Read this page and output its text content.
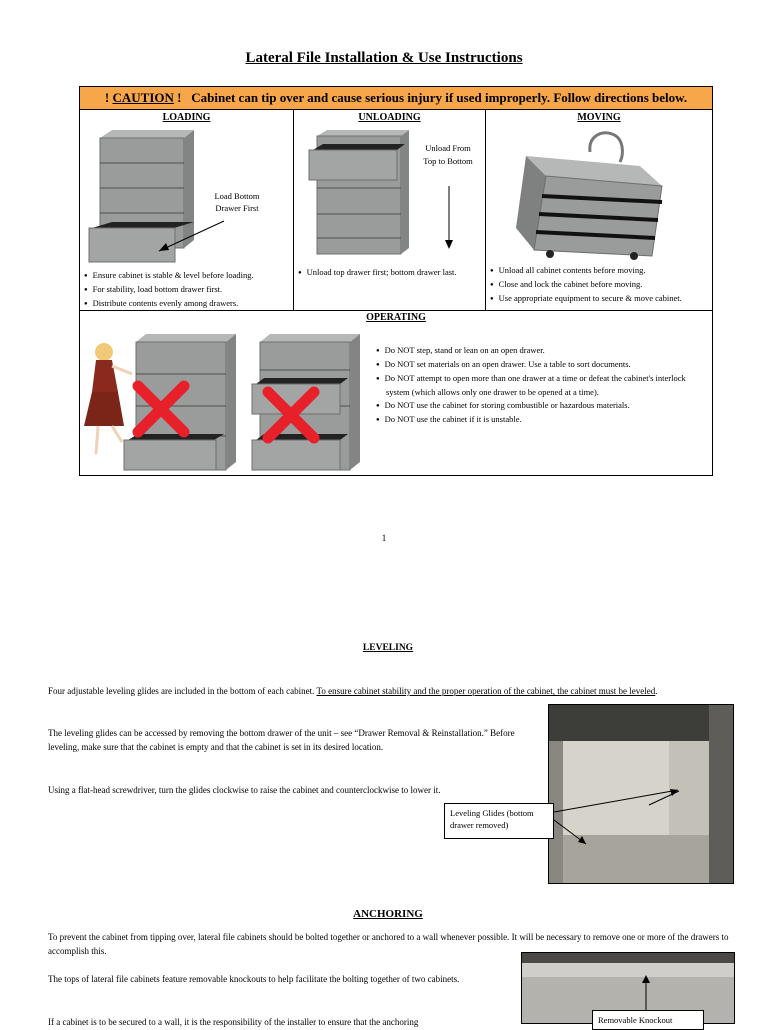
Lateral File Installation & Use Instructions
! CAUTION ! Cabinet can tip over and cause serious injury if used improperly. Follow directions below.
LOADING	UNLOADING	MOVING
Load Bottom Drawer First
● Ensure cabinet is stable & level before loading.
● For stability, load bottom drawer first.
● Distribute contents evenly among drawers.
Unload From Top to Bottom
● Unload top drawer first; bottom drawer last.
●	Unload all cabinet contents before moving.
● Close and lock the cabinet before moving.
● Use appropriate equipment to secure & move cabinet.
OPERATING
● Do NOT step, stand or lean on an open drawer.
● Do NOT set materials on an open drawer. Use a table to sort documents.
● Do NOT attempt to open more than one drawer at a time or defeat the cabinet's interlock system (which allows only one drawer to be opened at a time).
● Do NOT use the cabinet for storing combustible or hazardous materials.
● Do NOT use the cabinet if it is unstable.
1
LEVELING
Four adjustable leveling glides are included in the bottom of each cabinet. To ensure cabinet stability and the proper operation of the cabinet, the cabinet must be leveled.
The leveling glides can be accessed by removing the bottom drawer of the unit – see “Drawer Removal & Reinstallation.” Before leveling, make sure that the cabinet is empty and that the cabinet is set in its desired location.
Using a flat-head screwdriver, turn the glides clockwise to raise the cabinet and counterclockwise to lower it.
Leveling Glides (bottom drawer removed)
ANCHORING
To prevent the cabinet from tipping over, lateral file cabinets should be bolted together or anchored to a wall whenever possible. It will be necessary to remove one or more of the drawers to accomplish this.
The tops of lateral file cabinets feature removable knockouts to help facilitate the bolting together of two cabinets.
If a cabinet is to be secured to a wall, it is the responsibility of the installer to ensure that the anchoring	Removable Knockout
